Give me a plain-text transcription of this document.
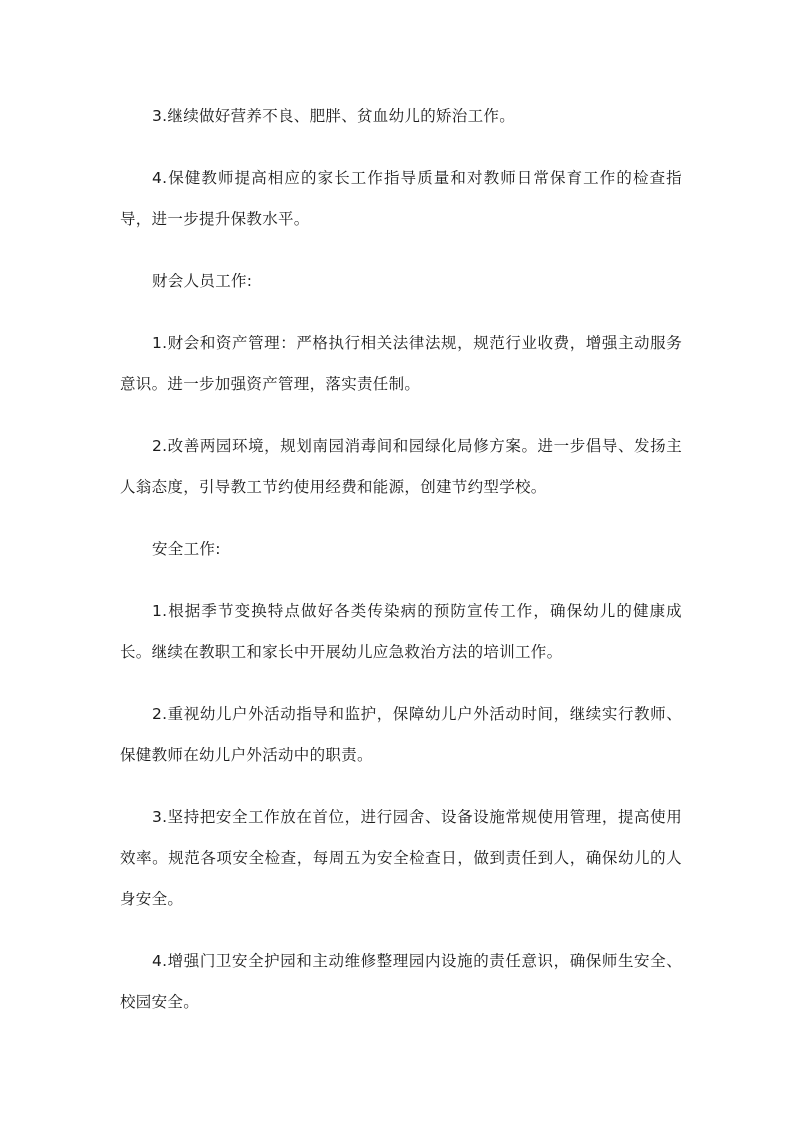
3.继续做好营养不良、肥胖、贫血幼儿的矫治工作。

4.保健教师提高相应的家长工作指导质量和对教师日常保育工作的检查指导，进一步提升保教水平。

财会人员工作:

1.财会和资产管理：严格执行相关法律法规，规范行业收费，增强主动服务意识。进一步加强资产管理，落实责任制。

2.改善两园环境，规划南园消毒间和园绿化局修方案。进一步倡导、发扬主人翁态度，引导教工节约使用经费和能源，创建节约型学校。

安全工作:

1.根据季节变换特点做好各类传染病的预防宣传工作，确保幼儿的健康成长。继续在教职工和家长中开展幼儿应急救治方法的培训工作。

2.重视幼儿户外活动指导和监护，保障幼儿户外活动时间，继续实行教师、保健教师在幼儿户外活动中的职责。

3.坚持把安全工作放在首位，进行园舍、设备设施常规使用管理，提高使用效率。规范各项安全检查，每周五为安全检查日，做到责任到人，确保幼儿的人身安全。

4.增强门卫安全护园和主动维修整理园内设施的责任意识，确保师生安全、校园安全。
